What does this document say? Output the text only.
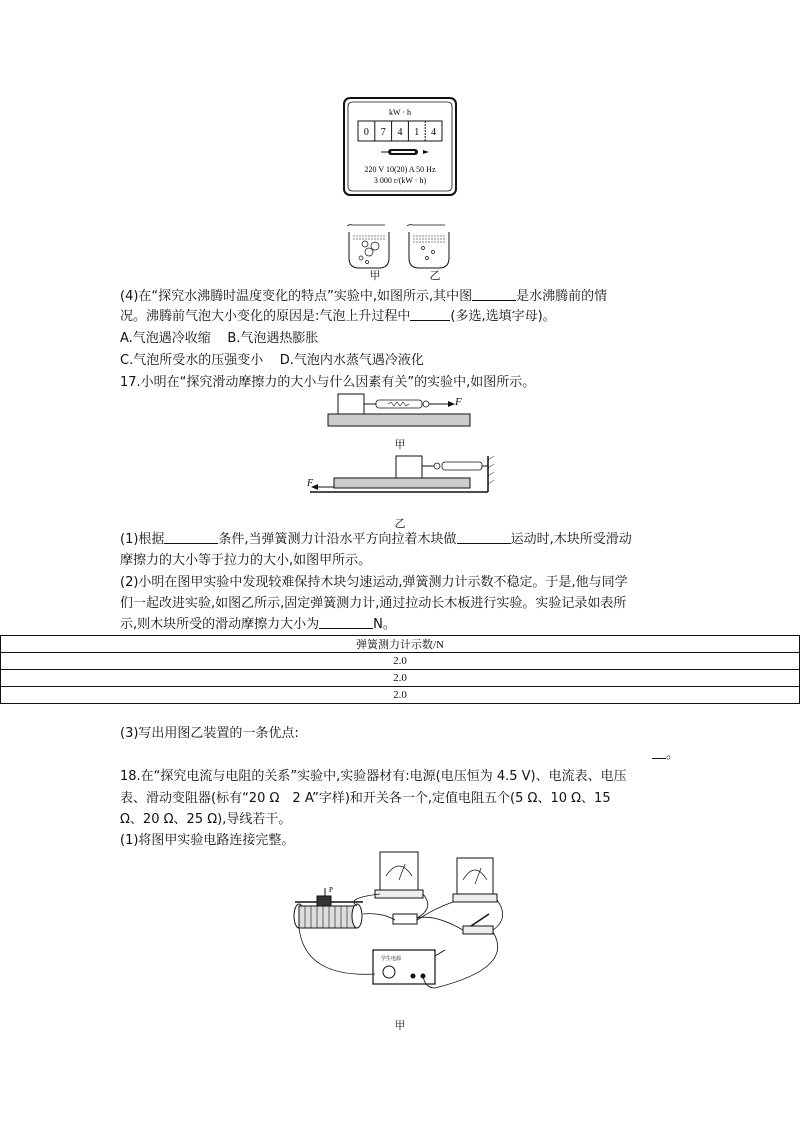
kW · h
0 7 4 1 4
220 V 10(20) A 50 Hz
3 000 r/(kW · h)
甲	乙
(4)在“探究水沸腾时温度变化的特点”实验中,如图所示,其中图	是水沸腾前的情
况。沸腾前气泡大小变化的原因是:气泡上升过程中	(多选,选填字母)。
A.气泡遇冷收缩 B.气泡遇热膨胀
C.气泡所受水的压强变小 D.气泡内水蒸气遇冷液化
17.小明在“探究滑动摩擦力的大小与什么因素有关”的实验中,如图所示。
F
甲
F
乙
(1)根据	条件,当弹簧测力计沿水平方向拉着木块做	运动时,木块所受滑动
摩擦力的大小等于拉力的大小,如图甲所示。
(2)小明在图甲实验中发现较难保持木块匀速运动,弹簧测力计示数不稳定。于是,他与同学
们一起改进实验,如图乙所示,固定弹簧测力计,通过拉动长木板进行实验。实验记录如表所
示,则木块所受的滑动摩擦力大小为	N。
弹簧测力计示数/N
2.0
2.0
2.0
(3)写出用图乙装置的一条优点:
。
18.在“探究电流与电阻的关系”实验中,实验器材有:电源(电压恒为 4.5 V)、电流表、电压
表、滑动变阻器(标有“20 Ω　2 A”字样)和开关各一个,定值电阻五个(5 Ω、10 Ω、15
Ω、20 Ω、25 Ω),导线若干。
(1)将图甲实验电路连接完整。
P
学生电源
甲
